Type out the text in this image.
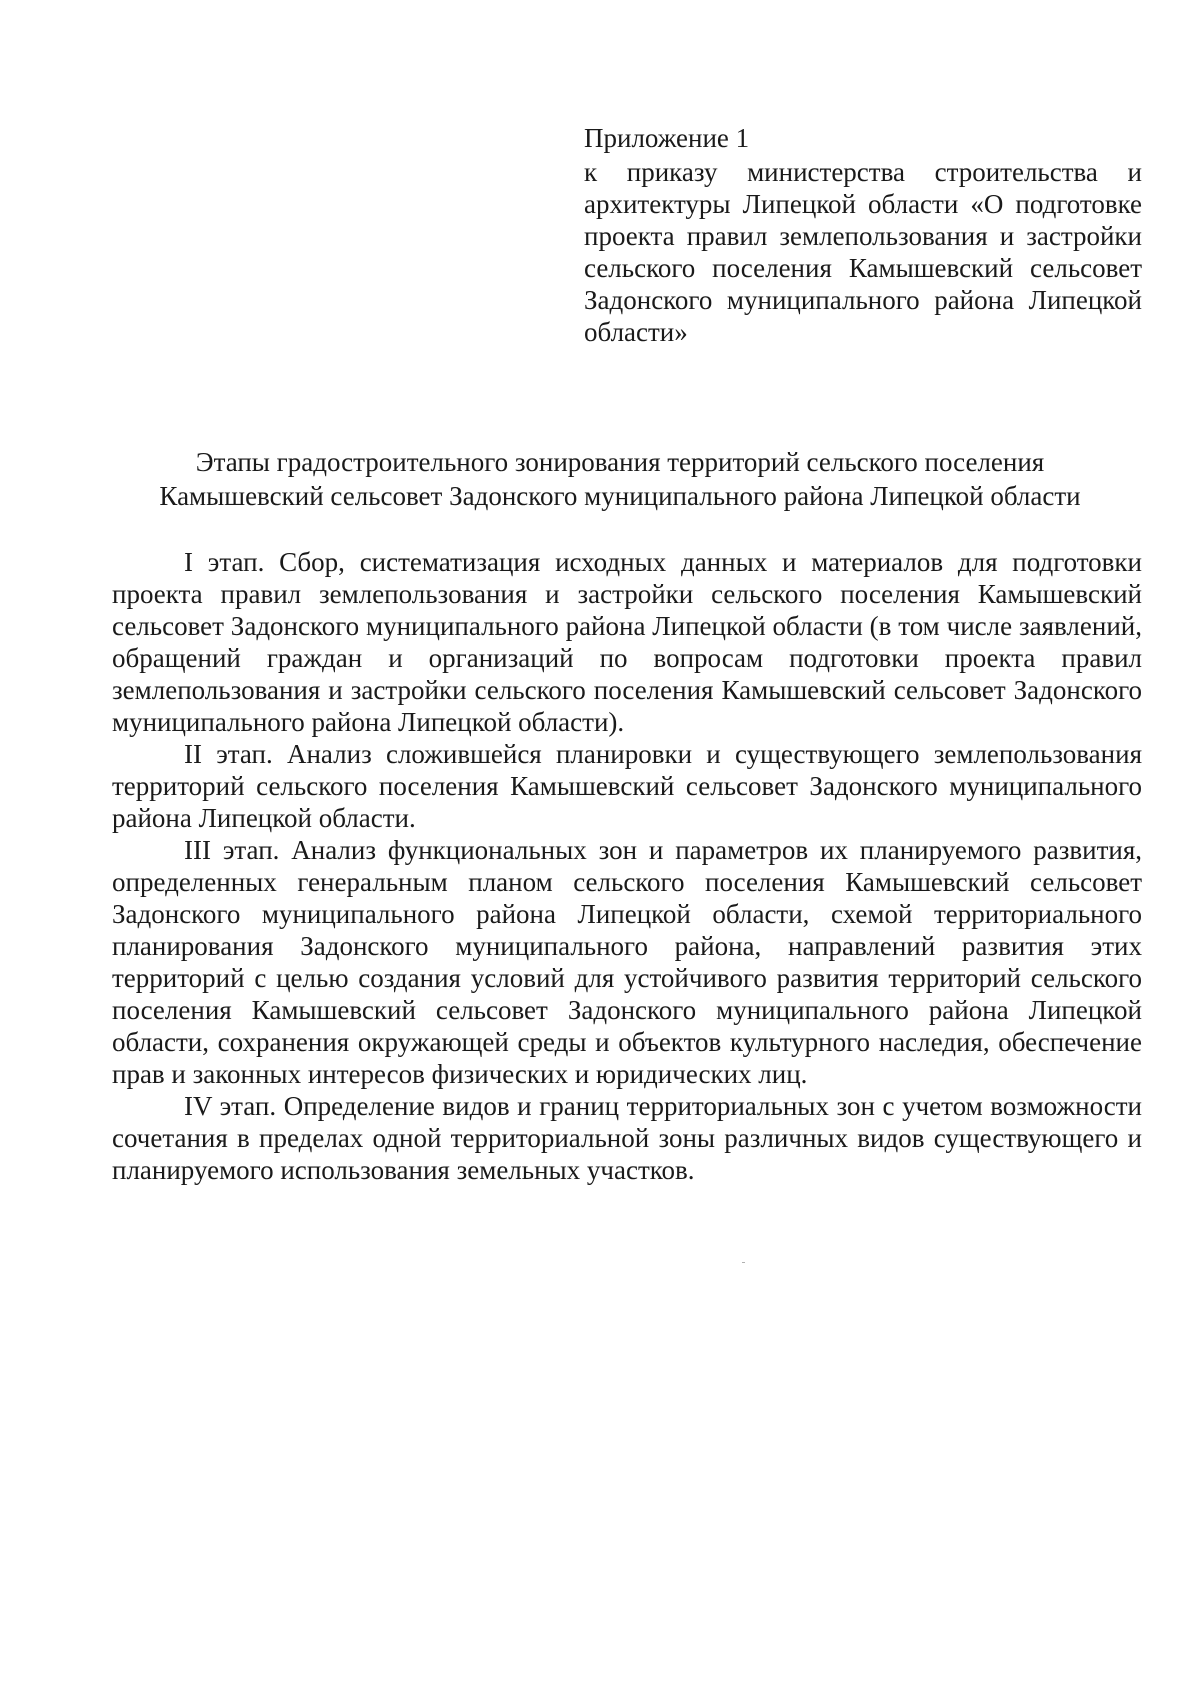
Приложение 1

к приказу министерства строительства и архитектуры Липецкой области «О подготовке проекта правил землепользования и застройки сельского поселения Камышевский сельсовет Задонского муниципального района Липецкой области»

Этапы градостроительного зонирования территорий сельского поселения
Камышевский сельсовет Задонского муниципального района Липецкой области

I этап. Сбор, систематизация исходных данных и материалов для подготовки проекта правил землепользования и застройки сельского поселения Камышевский сельсовет Задонского муниципального района Липецкой области (в том числе заявлений, обращений граждан и организаций по вопросам подготовки проекта правил землепользования и застройки сельского поселения Камышевский сельсовет Задонского муниципального района Липецкой области).

II этап. Анализ сложившейся планировки и существующего землепользования территорий сельского поселения Камышевский сельсовет Задонского муниципального района Липецкой области.

III этап. Анализ функциональных зон и параметров их планируемого развития, определенных генеральным планом сельского поселения Камышевский сельсовет Задонского муниципального района Липецкой области, схемой территориального планирования Задонского муниципального района, направлений развития этих территорий с целью создания условий для устойчивого развития территорий сельского поселения Камышевский сельсовет Задонского муниципального района Липецкой области, сохранения окружающей среды и объектов культурного наследия, обеспечение прав и законных интересов физических и юридических лиц.

IV этап. Определение видов и границ территориальных зон с учетом возможности сочетания в пределах одной территориальной зоны различных видов существующего и планируемого использования земельных участков.
